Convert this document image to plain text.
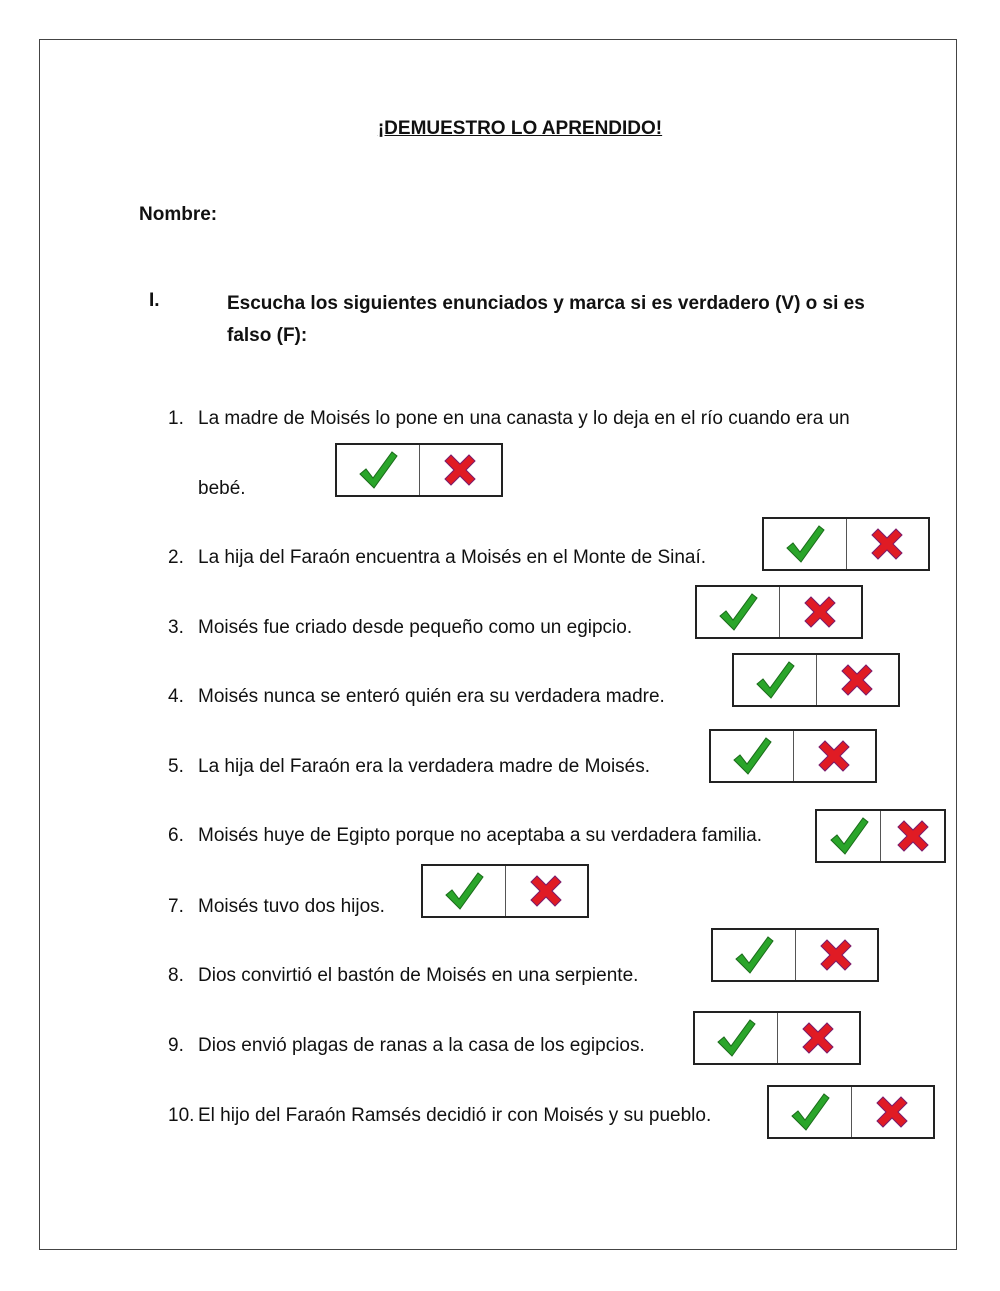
¡DEMUESTRO LO APRENDIDO!
Nombre:
I.	Escucha los siguientes enunciados y marca si es verdadero (V) o si es falso (F):
1. La madre de Moisés lo pone en una canasta y lo deja en el río cuando era un
bebé.
2. La hija del Faraón encuentra a Moisés en el Monte de Sinaí.
3. Moisés fue criado desde pequeño como un egipcio.
4. Moisés nunca se enteró quién era su verdadera madre.
5. La hija del Faraón era la verdadera madre de Moisés.
6. Moisés huye de Egipto porque no aceptaba a su verdadera familia.
7. Moisés tuvo dos hijos.
8. Dios convirtió el bastón de Moisés en una serpiente.
9. Dios envió plagas de ranas a la casa de los egipcios.
10. El hijo del Faraón Ramsés decidió ir con Moisés y su pueblo.
